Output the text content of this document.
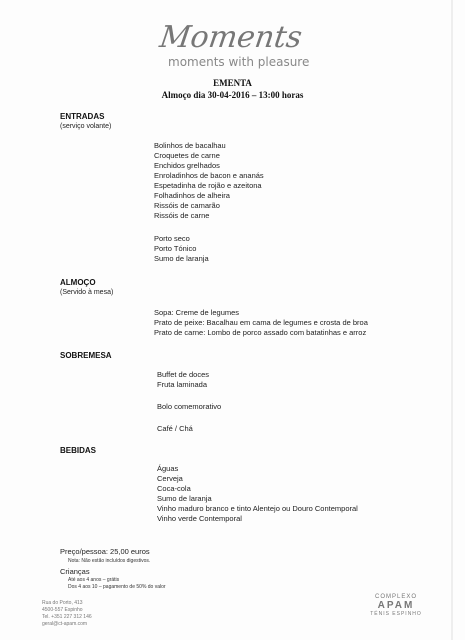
Moments
moments with pleasure
EMENTA
Almoço dia 30-04-2016 – 13:00 horas
ENTRADAS
(serviço volante)
Bolinhos de bacalhau
Croquetes de carne
Enchidos grelhados
Enroladinhos de bacon e ananás
Espetadinha de rojão e azeitona
Folhadinhos de alheira
Rissóis de camarão
Rissóis de carne
Porto seco
Porto Tónico
Sumo de laranja
ALMOÇO
(Servido à mesa)
Sopa: Creme de legumes
Prato de peixe: Bacalhau em cama de legumes e crosta de broa
Prato de carne: Lombo de porco assado com batatinhas e arroz
SOBREMESA
Buffet de doces
Fruta laminada
Bolo comemorativo
Café / Chá
BEBIDAS
Águas
Cerveja
Coca-cola
Sumo de laranja
Vinho maduro branco e tinto Alentejo ou Douro Contemporal
Vinho verde Contemporal
Preço/pessoa: 25,00 euros
Nota: Não estão incluídos digestivos.
Crianças
Até aos 4 anos – grátis
Dos 4 aos 10 – pagamento de 50% do valor
Rua do Porto, 413
4500-557 Espinho
Tel. +351 227 312 146
geral@ct-apam.com
COMPLEXO
APAM
TÉNIS ESPINHO
